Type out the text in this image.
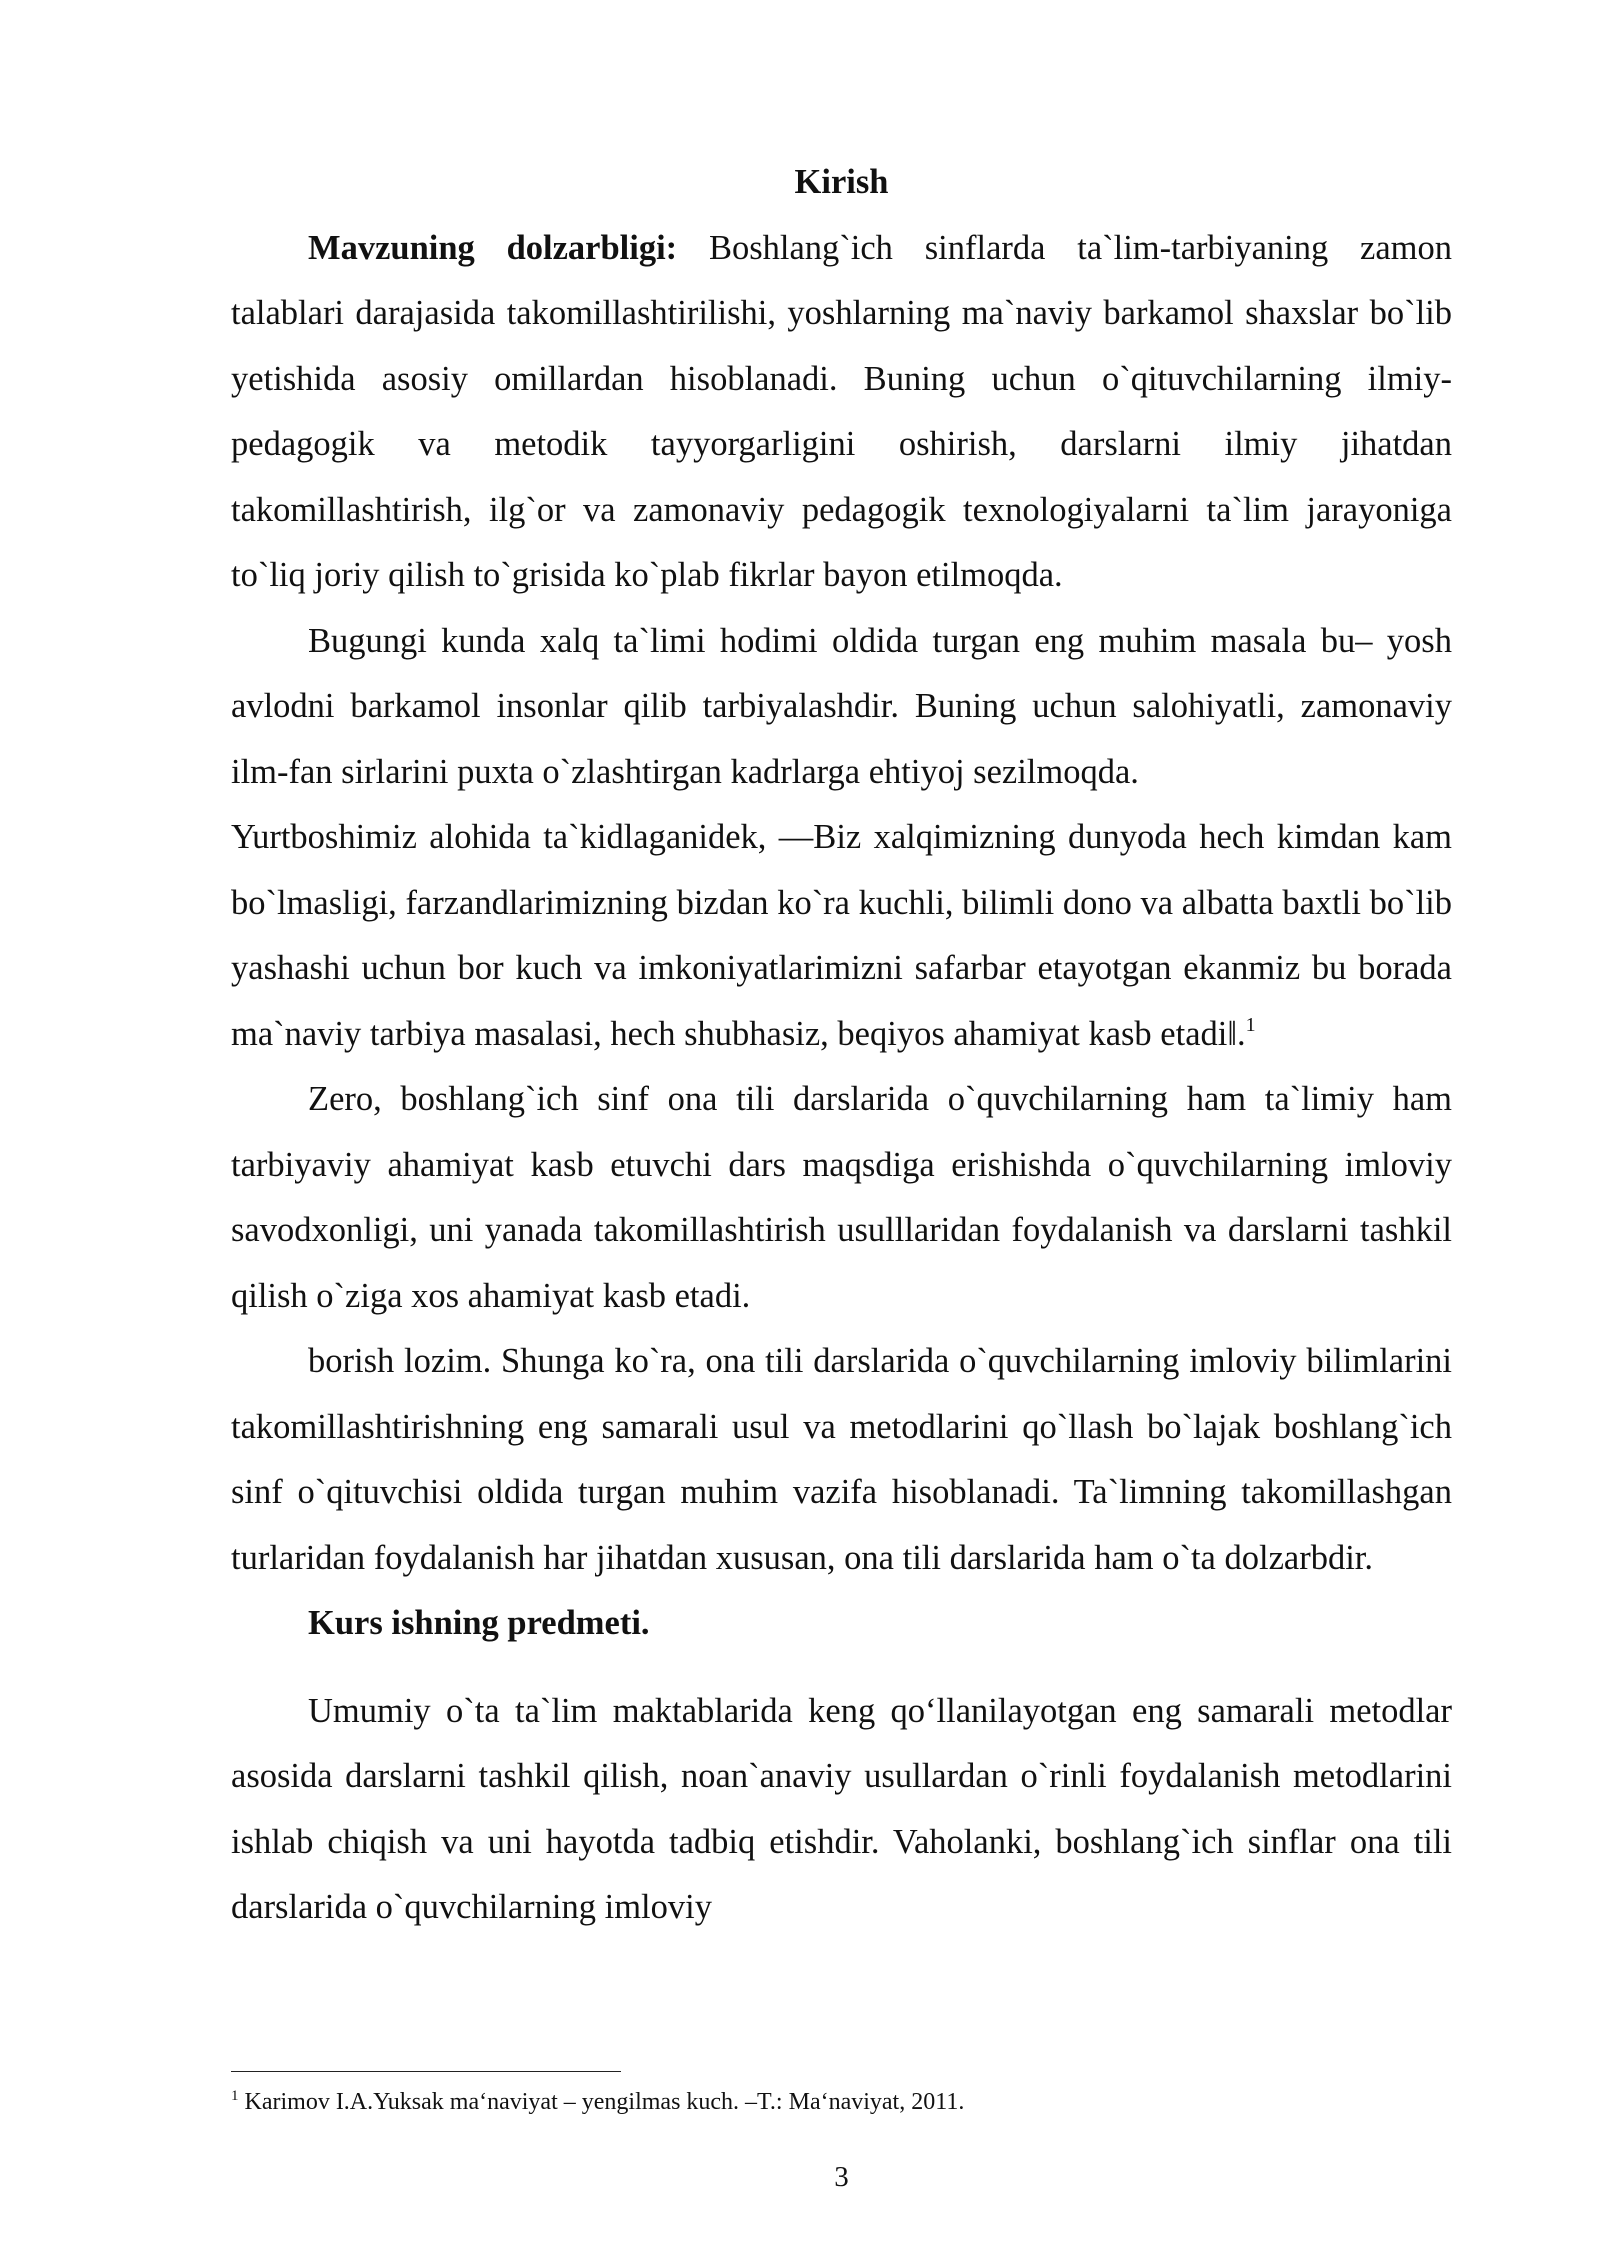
Kirish

Mavzuning dolzarbligi: Boshlang`ich sinflarda ta`lim-tarbiyaning zamon talablari darajasida takomillashtirilishi, yoshlarning ma`naviy barkamol shaxslar bo`lib yetishida asosiy omillardan hisoblanadi. Buning uchun o`qituvchilarning ilmiy-pedagogik va metodik tayyorgarligini oshirish, darslarni ilmiy jihatdan takomillashtirish, ilg`or va zamonaviy pedagogik texnologiyalarni ta`lim jarayoniga to`liq joriy qilish to`grisida ko`plab fikrlar bayon etilmoqda.

Bugungi kunda xalq ta`limi hodimi oldida turgan eng muhim masala bu– yosh avlodni barkamol insonlar qilib tarbiyalashdir. Buning uchun salohiyatli, zamonaviy ilm-fan sirlarini puxta o`zlashtirgan kadrlarga ehtiyoj sezilmoqda.

Yurtboshimiz alohida ta`kidlaganidek, ―Biz xalqimizning dunyoda hech kimdan kam bo`lmasligi, farzandlarimizning bizdan ko`ra kuchli, bilimli dono va albatta baxtli bo`lib yashashi uchun bor kuch va imkoniyatlarimizni safarbar etayotgan ekanmiz bu borada ma`naviy tarbiya masalasi, hech shubhasiz, beqiyos ahamiyat kasb etadi‖.$^1$

Zero, boshlang`ich sinf ona tili darslarida o`quvchilarning ham ta`limiy ham tarbiyaviy ahamiyat kasb etuvchi dars maqsdiga erishishda o`quvchilarning imloviy savodxonligi, uni yanada takomillashtirish usulllaridan foydalanish va darslarni tashkil qilish o`ziga xos ahamiyat kasb etadi.

borish lozim. Shunga ko`ra, ona tili darslarida o`quvchilarning imloviy bilimlarini takomillashtirishning eng samarali usul va metodlarini qo`llash bo`lajak boshlang`ich sinf o`qituvchisi oldida turgan muhim vazifa hisoblanadi. Ta`limning takomillashgan turlaridan foydalanish har jihatdan xususan, ona tili darslarida ham o`ta dolzarbdir.

Kurs ishning predmeti.

Umumiy o`ta ta`lim maktablarida keng qo‘llanilayotgan eng samarali metodlar asosida darslarni tashkil qilish, noan`anaviy usullardan o`rinli foydalanish metodlarini ishlab chiqish va uni hayotda tadbiq etishdir. Vaholanki, boshlang`ich sinflar ona tili darslarida o`quvchilarning imloviy

$^1$ Karimov I.A.Yuksak ma‘naviyat – yengilmas kuch. –T.: Ma‘naviyat, 2011.
3
